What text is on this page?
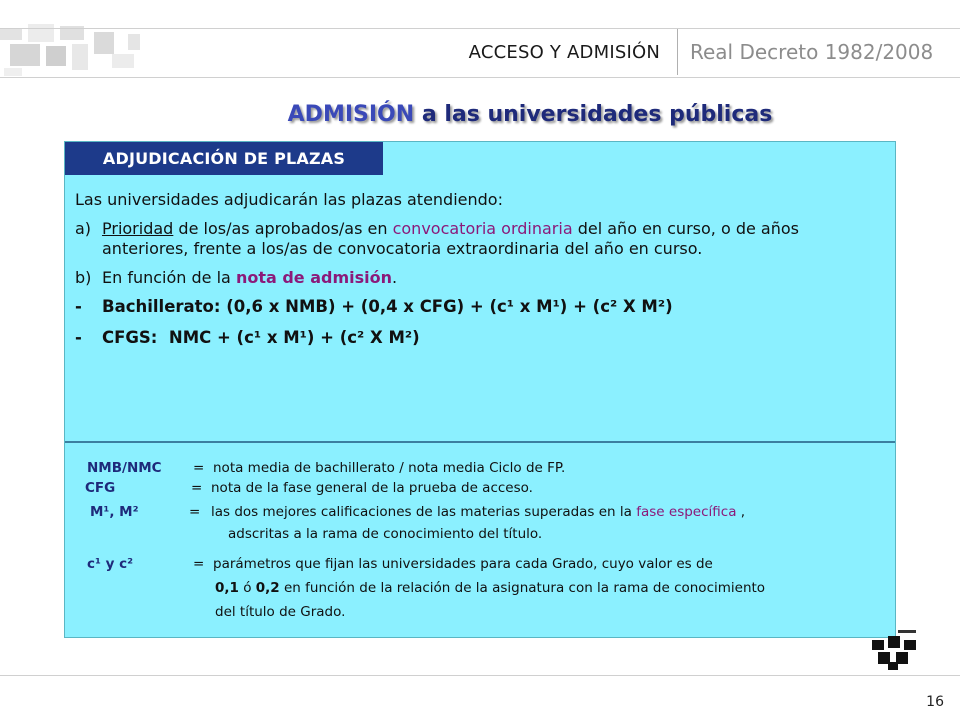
ACCESO Y ADMISIÓN Real Decreto 1982/2008
ADMISIÓN a las universidades públicas
ADJUDICACIÓN DE PLAZAS
Las universidades adjudicarán las plazas atendiendo:
a) Prioridad de los/as aprobados/as en convocatoria ordinaria del año en curso, o de años anteriores, frente a los/as de convocatoria extraordinaria del año en curso.
b) En función de la nota de admisión.
-	Bachillerato: (0,6 x NMB) + (0,4 x CFG) + (c¹ x M¹) + (c² X M²)
-	CFGS: NMC + (c¹ x M¹) + (c² X M²)
NMB/NMC = nota media de bachillerato / nota media Ciclo de FP.
CFG	= nota de la fase general de la prueba de acceso.
M¹, M²	= las dos mejores calificaciones de las materias superadas en la fase específica ,
adscritas a la rama de conocimiento del título.
c¹ y c²	= parámetros que fijan las universidades para cada Grado, cuyo valor es de
0,1 ó 0,2 en función de la relación de la asignatura con la rama de conocimiento
del título de Grado.
16
